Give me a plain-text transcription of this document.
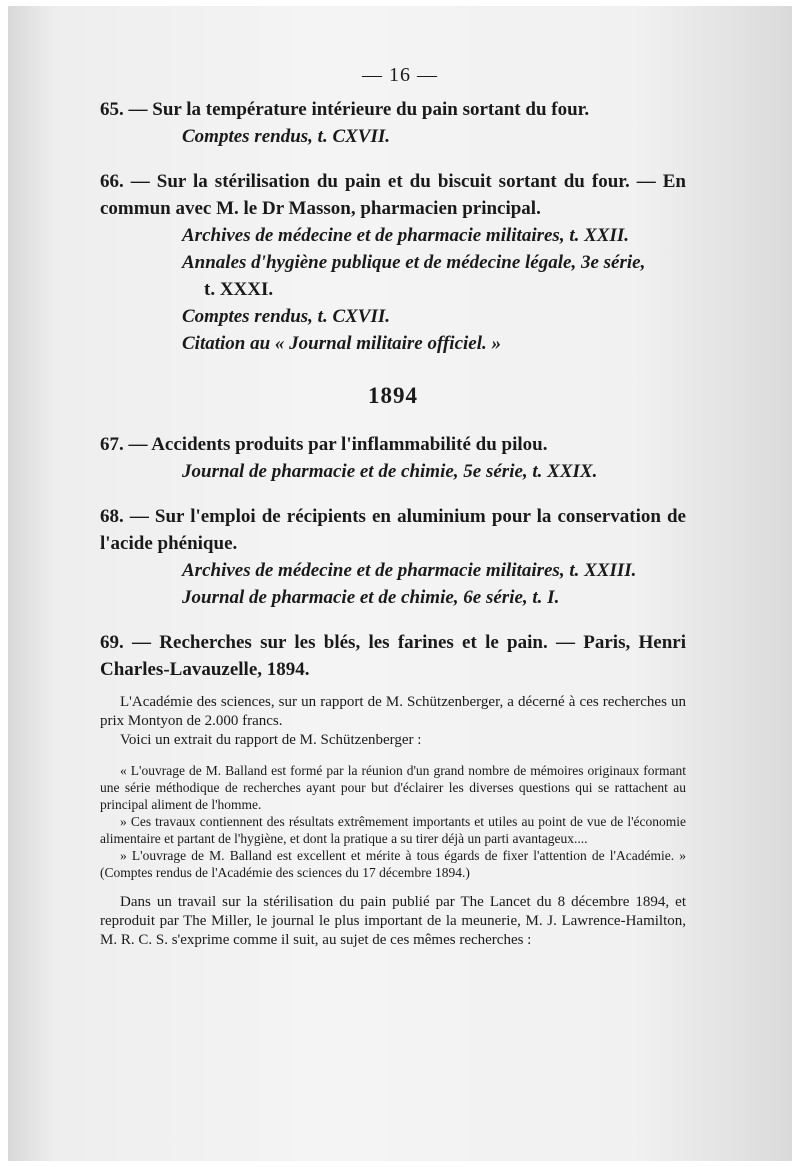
— 16 —
65. — Sur la température intérieure du pain sortant du four.
Comptes rendus, t. CXVII.
66. — Sur la stérilisation du pain et du biscuit sortant du four. — En commun avec M. le Dr Masson, pharmacien principal.
Archives de médecine et de pharmacie militaires, t. XXII.
Annales d'hygiène publique et de médecine légale, 3e série,
t. XXXI.
Comptes rendus, t. CXVII.
Citation au « Journal militaire officiel. »
1894
67. — Accidents produits par l'inflammabilité du pilou.
Journal de pharmacie et de chimie, 5e série, t. XXIX.
68. — Sur l'emploi de récipients en aluminium pour la conservation de l'acide phénique.
Archives de médecine et de pharmacie militaires, t. XXIII.
Journal de pharmacie et de chimie, 6e série, t. I.
69. — Recherches sur les blés, les farines et le pain. — Paris, Henri Charles-Lavauzelle, 1894.

L'Académie des sciences, sur un rapport de M. Schützenberger, a décerné à ces recherches un prix Montyon de 2.000 francs.

Voici un extrait du rapport de M. Schützenberger :

« L'ouvrage de M. Balland est formé par la réunion d'un grand nombre de mémoires originaux formant une série méthodique de recherches ayant pour but d'éclairer les diverses questions qui se rattachent au principal aliment de l'homme.

» Ces travaux contiennent des résultats extrêmement importants et utiles au point de vue de l'économie alimentaire et partant de l'hygiène, et dont la pratique a su tirer déjà un parti avantageux....

» L'ouvrage de M. Balland est excellent et mérite à tous égards de fixer l'attention de l'Académie. » (Comptes rendus de l'Académie des sciences du 17 décembre 1894.)

Dans un travail sur la stérilisation du pain publié par The Lancet du 8 décembre 1894, et reproduit par The Miller, le journal le plus important de la meunerie, M. J. Lawrence-Hamilton, M. R. C. S. s'exprime comme il suit, au sujet de ces mêmes recherches :
